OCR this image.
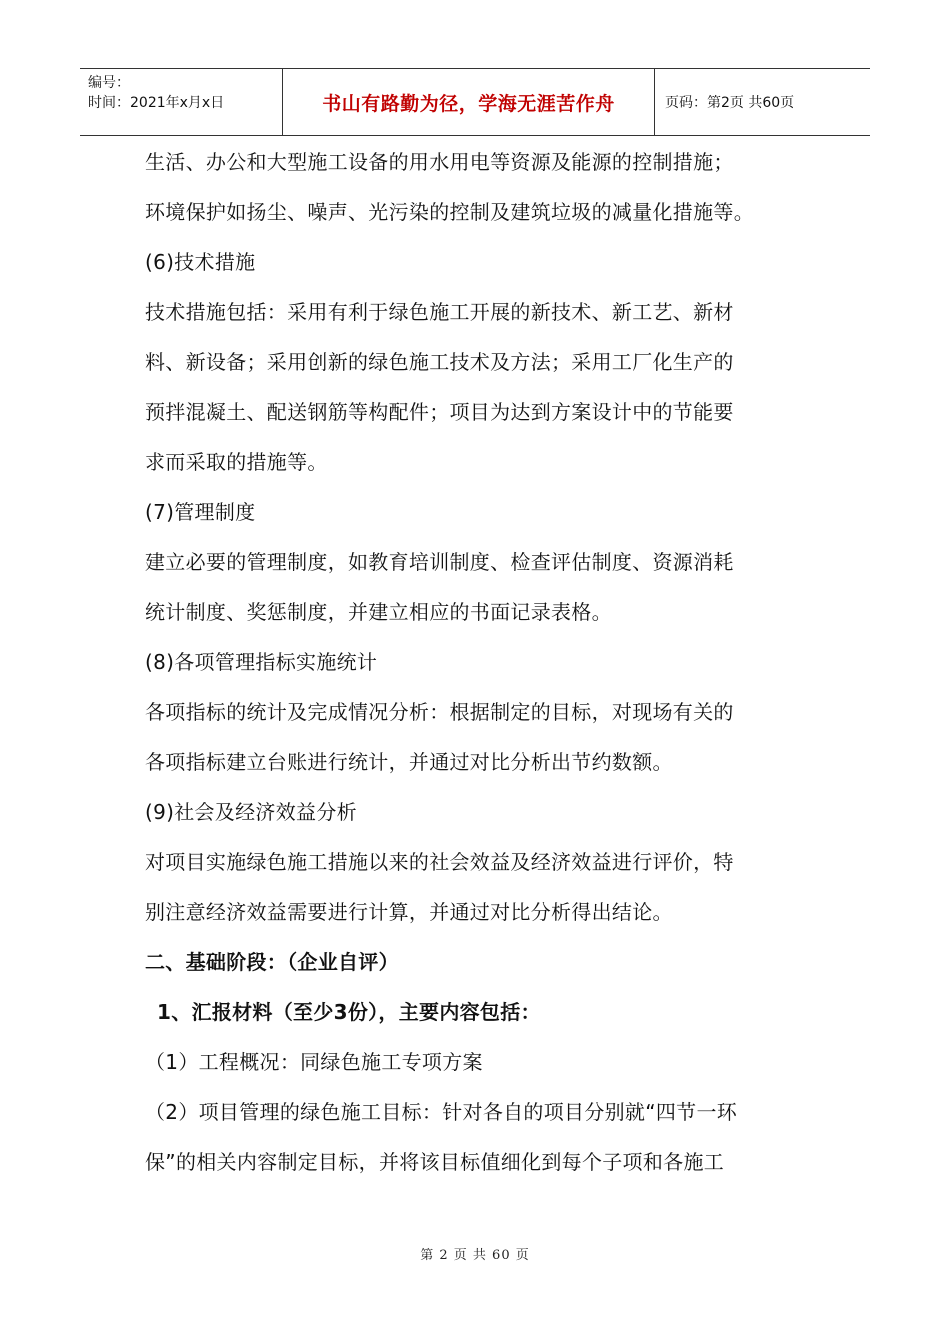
编号：
时间：2021年x月x日	书山有路勤为径，学海无涯苦作舟	页码：第2页 共60页

生活、办公和大型施工设备的用水用电等资源及能源的控制措施；

环境保护如扬尘、噪声、光污染的控制及建筑垃圾的减量化措施等。

(6)技术措施

技术措施包括：采用有利于绿色施工开展的新技术、新工艺、新材

料、新设备；采用创新的绿色施工技术及方法；采用工厂化生产的

预拌混凝土、配送钢筋等构配件；项目为达到方案设计中的节能要

求而采取的措施等。

(7)管理制度

建立必要的管理制度，如教育培训制度、检查评估制度、资源消耗

统计制度、奖惩制度，并建立相应的书面记录表格。

(8)各项管理指标实施统计

各项指标的统计及完成情况分析：根据制定的目标，对现场有关的

各项指标建立台账进行统计，并通过对比分析出节约数额。

(9)社会及经济效益分析

对项目实施绿色施工措施以来的社会效益及经济效益进行评价，特

别注意经济效益需要进行计算，并通过对比分析得出结论。

二、基础阶段：（企业自评）

1、汇报材料（至少3份），主要内容包括：

（1）工程概况：同绿色施工专项方案

（2）项目管理的绿色施工目标：针对各自的项目分别就“四节一环

保”的相关内容制定目标，并将该目标值细化到每个子项和各施工

第 2 页 共 60 页
